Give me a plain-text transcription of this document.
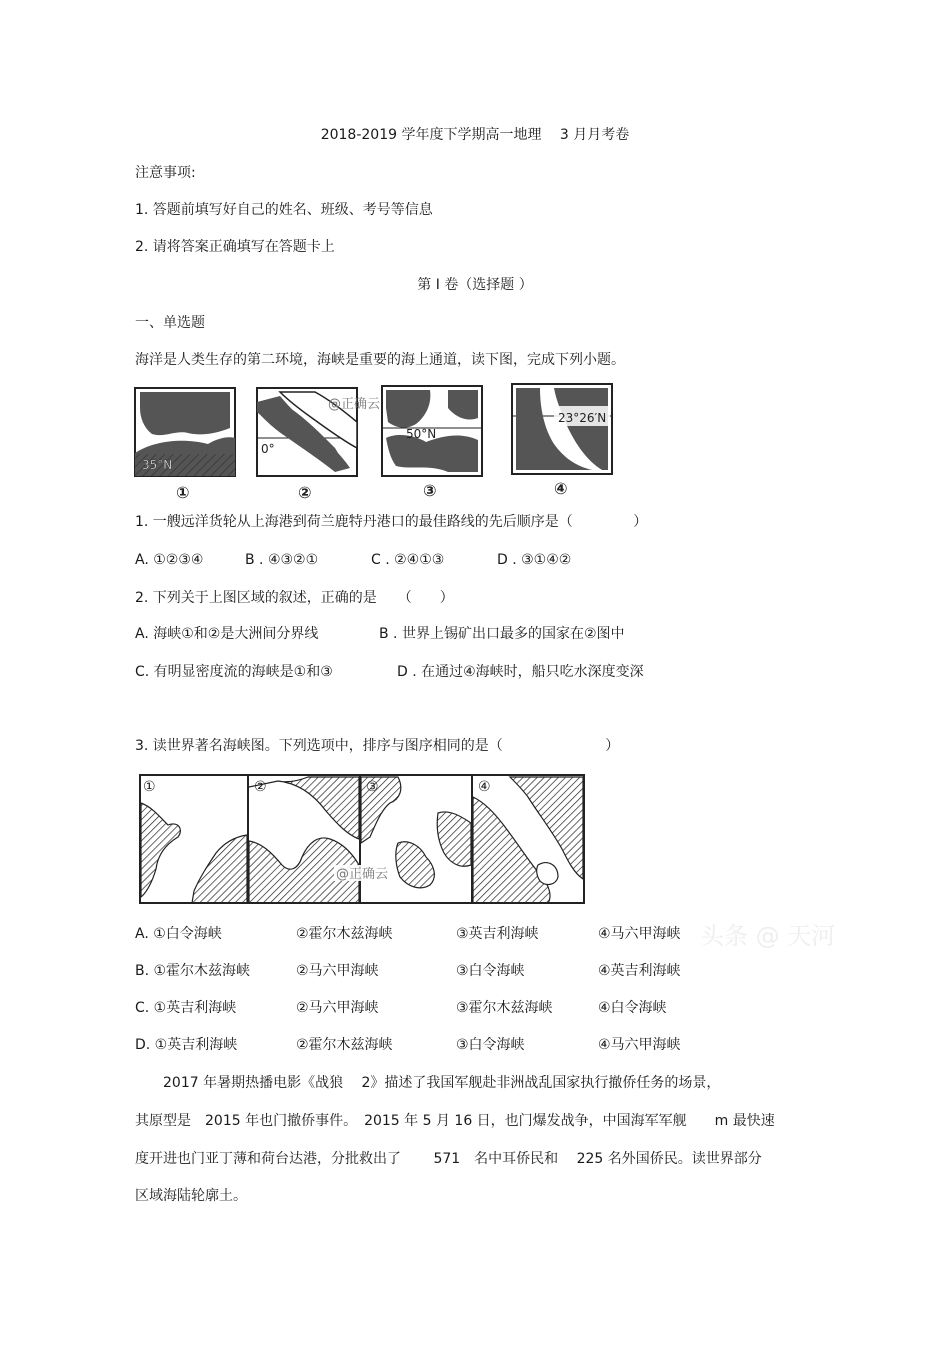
2018-2019 学年度下学期高一地理　 3 月月考卷
注意事项:
1. 答题前填写好自己的姓名、班级、考号等信息
2. 请将答案正确填写在答题卡上
第 I 卷（选择题 ）
一、单选题
海洋是人类生存的第二环境，海峡是重要的海上通道，读下图，完成下列小题。
35°N
①
0°
②
@正确云
50°N
③
23°26′N
④
1. 一艘远洋货轮从上海港到荷兰鹿特丹港口的最佳路线的先后顺序是（　　　　 ）
A. ①②③④	B . ④③②①	C . ②④①③	D . ③①④②
2. 下列关于上图区域的叙述，正确的是　　（　　）
A. 海峡①和②是大洲间分界线	B . 世界上锡矿出口最多的国家在②图中
C. 有明显密度流的海峡是①和③	D . 在通过④海峡时，船只吃水深度变深
3. 读世界著名海峡图。下列选项中，排序与图序相同的是（　　　　　　　 ）
①	②	③	④
@正确云
A. ①白令海峡	②霍尔木兹海峡	③英吉利海峡	④马六甲海峡
B. ①霍尔木兹海峡	②马六甲海峡	③白令海峡	④英吉利海峡
C. ①英吉利海峡	②马六甲海峡	③霍尔木兹海峡	④白令海峡
D. ①英吉利海峡	②霍尔木兹海峡	③白令海峡	④马六甲海峡
头条 @ 天河
　　2017 年暑期热播电影《战狼　 2》描述了我国军舰赴非洲战乱国家执行撤侨任务的场景，
其原型是　2015 年也门撤侨事件。　2015 年 5 月 16 日，也门爆发战争，中国海军军舰　　m 最快速
度开进也门亚丁薄和荷台达港，分批救出了　　 571　名中耳侨民和　 225 名外国侨民。读世界部分
区域海陆轮廓土。
